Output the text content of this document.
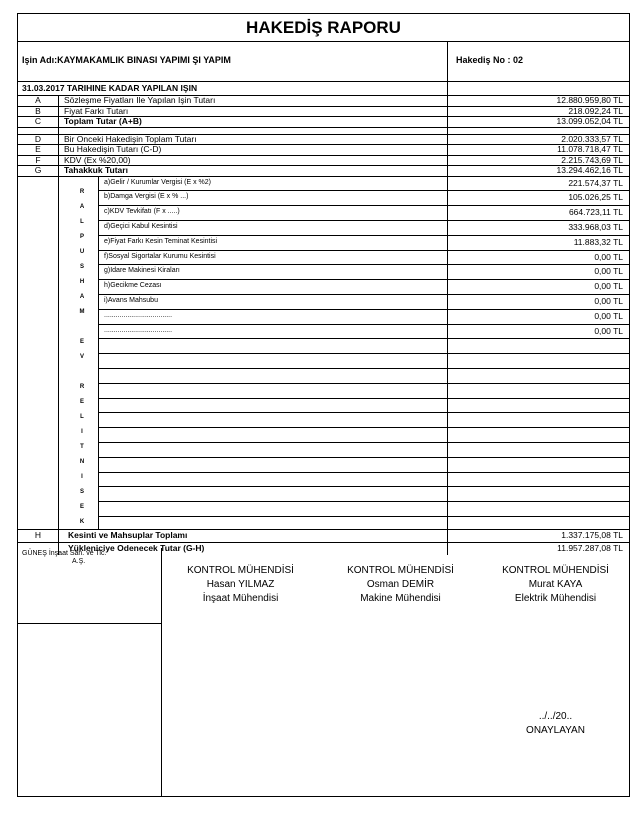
HAKEDİŞ RAPORU
Işin Adı:KAYMAKAMLIK BINASI YAPIMI ŞI YAPIM	Hakediş No : 02
31.03.2017 TARIHINE KADAR YAPILAN IŞIN
A	Sözleşme Fiyatları Ile Yapılan Işin Tutarı	12.880.959,80 TL
B	Fiyat Farkı Tutarı	218.092,24 TL
C	Toplam Tutar (A+B)	13.099.052,04 TL
D	Bir Onceki Hakedişin Toplam Tutarı	2.020.333,57 TL
E	Bu Hakedişin Tutarı (C-D)	11.078.718,47 TL
F	KDV (Ex %20,00)	2.215.743,69 TL
G	Tahakkuk Tutarı	13.294.462,16 TL
a)Gelir / Kurumlar Vergisi (E x %2)	221.574,37 TL
b)Damga Vergisi (E x % ...)	105.026,25 TL
c)KDV Tevkifatı (F x .....)	664.723,11 TL
d)Geçici Kabul Kesintisi	333.968,03 TL
e)Fiyat Farkı Kesin Teminat Kesintisi	11.883,32 TL
f)Sosyal Sigortalar Kurumu Kesintisi	0,00 TL
g)Idare Makinesi Kiraları	0,00 TL
h)Gecikme Cezası	0,00 TL
i)Avans Mahsubu	0,00 TL
...................................	0,00 TL
...................................	0,00 TL
K
E
S
I
N
T
I
L
E
R
V
E
M
A
H
S
U
P
L
A
R
H	Kesinti ve Mahsuplar Toplamı	1.337.175,08 TL
Yükleniciye Odenecek Tutar (G-H)	11.957.287,08 TL
GÜNEŞ İnşaat San. ve Tic.
A.Ş.
KONTROL MÜHENDİSİ
Hasan YILMAZ
İnşaat Mühendisi
KONTROL MÜHENDİSİ
Osman DEMİR
Makine Mühendisi
KONTROL MÜHENDİSİ
Murat KAYA
Elektrik Mühendisi
../../20..
ONAYLAYAN
